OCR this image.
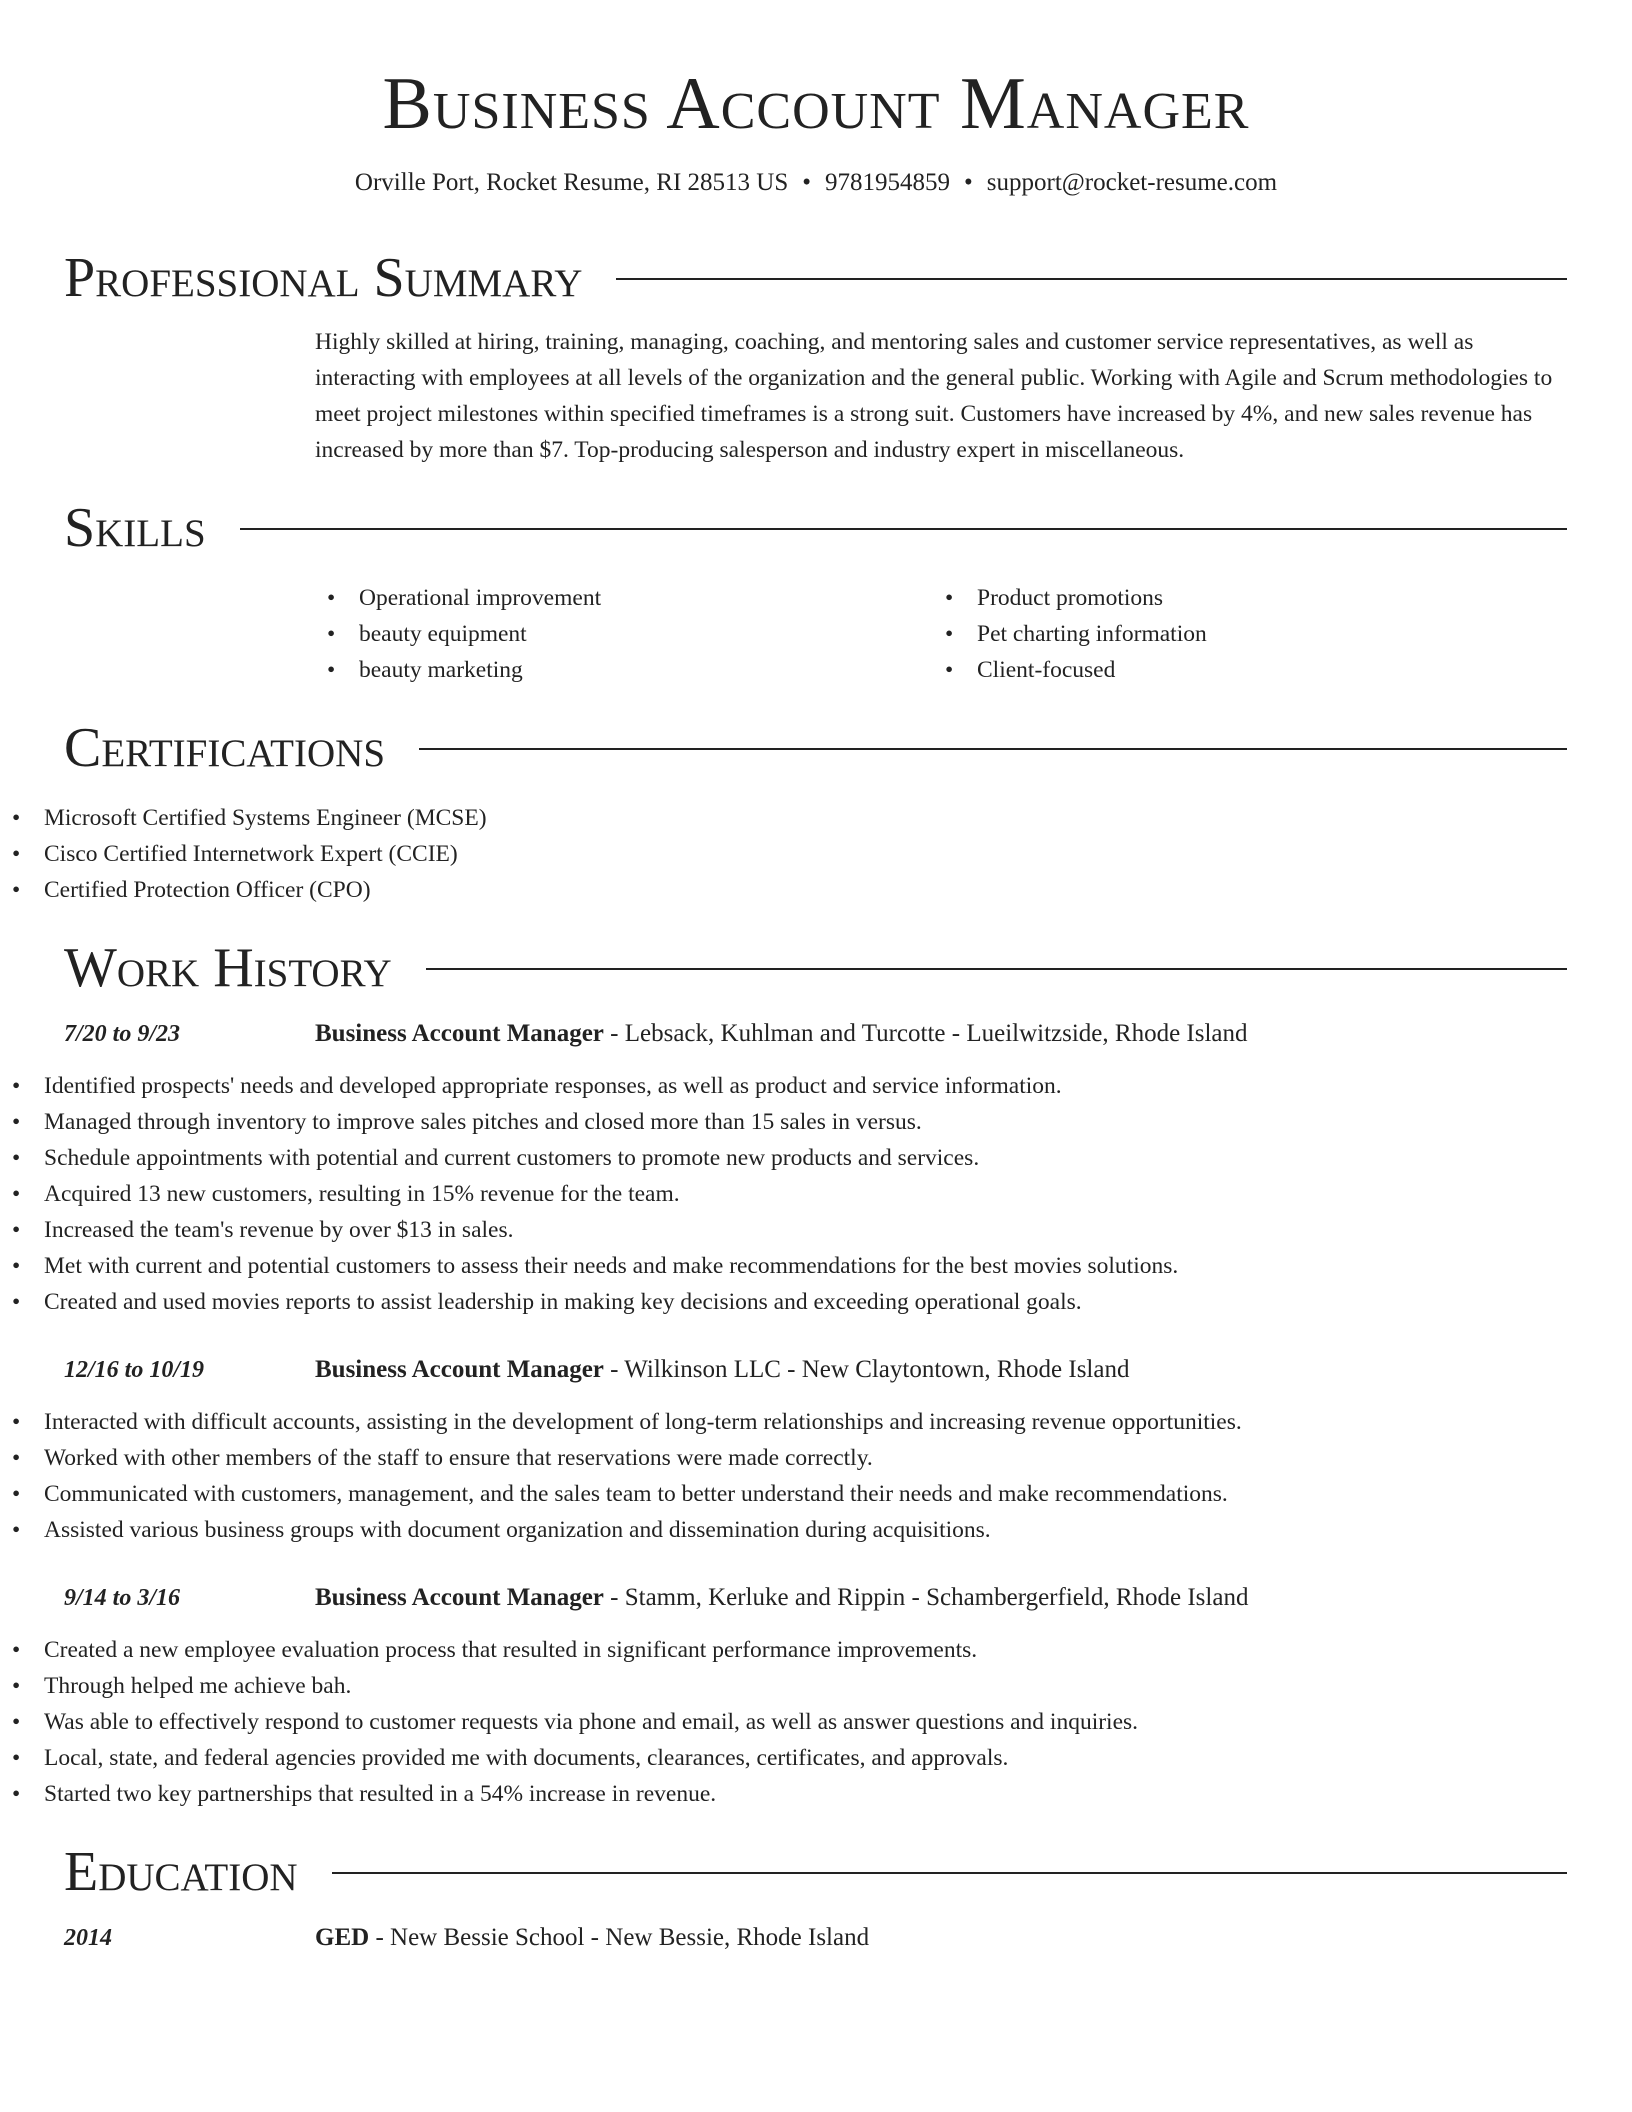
Business Account Manager
Orville Port, Rocket Resume, RI 28513 US • 9781954859 • support@rocket-resume.com
Professional Summary

Highly skilled at hiring, training, managing, coaching, and mentoring sales and customer service representatives, as well as interacting with employees at all levels of the organization and the general public. Working with Agile and Scrum methodologies to meet project milestones within specified timeframes is a strong suit. Customers have increased by 4%, and new sales revenue has increased by more than $7. Top-producing salesperson and industry expert in miscellaneous.

Skills
• Operational improvement
• beauty equipment
• beauty marketing
• Product promotions
• Pet charting information
• Client-focused
Certifications
• Microsoft Certified Systems Engineer (MCSE)
• Cisco Certified Internetwork Expert (CCIE)
• Certified Protection Officer (CPO)
Work History
7/20 to 9/23	Business Account Manager - Lebsack, Kuhlman and Turcotte - Lueilwitzside, Rhode Island
• Identified prospects' needs and developed appropriate responses, as well as product and service information.
• Managed through inventory to improve sales pitches and closed more than 15 sales in versus.
• Schedule appointments with potential and current customers to promote new products and services.
• Acquired 13 new customers, resulting in 15% revenue for the team.
• Increased the team's revenue by over $13 in sales.
• Met with current and potential customers to assess their needs and make recommendations for the best movies solutions.
• Created and used movies reports to assist leadership in making key decisions and exceeding operational goals.
12/16 to 10/19	Business Account Manager - Wilkinson LLC - New Claytontown, Rhode Island
• Interacted with difficult accounts, assisting in the development of long-term relationships and increasing revenue opportunities.
• Worked with other members of the staff to ensure that reservations were made correctly.
• Communicated with customers, management, and the sales team to better understand their needs and make recommendations.
• Assisted various business groups with document organization and dissemination during acquisitions.
9/14 to 3/16	Business Account Manager - Stamm, Kerluke and Rippin - Schambergerfield, Rhode Island
• Created a new employee evaluation process that resulted in significant performance improvements.
• Through helped me achieve bah.
• Was able to effectively respond to customer requests via phone and email, as well as answer questions and inquiries.
• Local, state, and federal agencies provided me with documents, clearances, certificates, and approvals.
• Started two key partnerships that resulted in a 54% increase in revenue.
Education
2014	GED - New Bessie School - New Bessie, Rhode Island
